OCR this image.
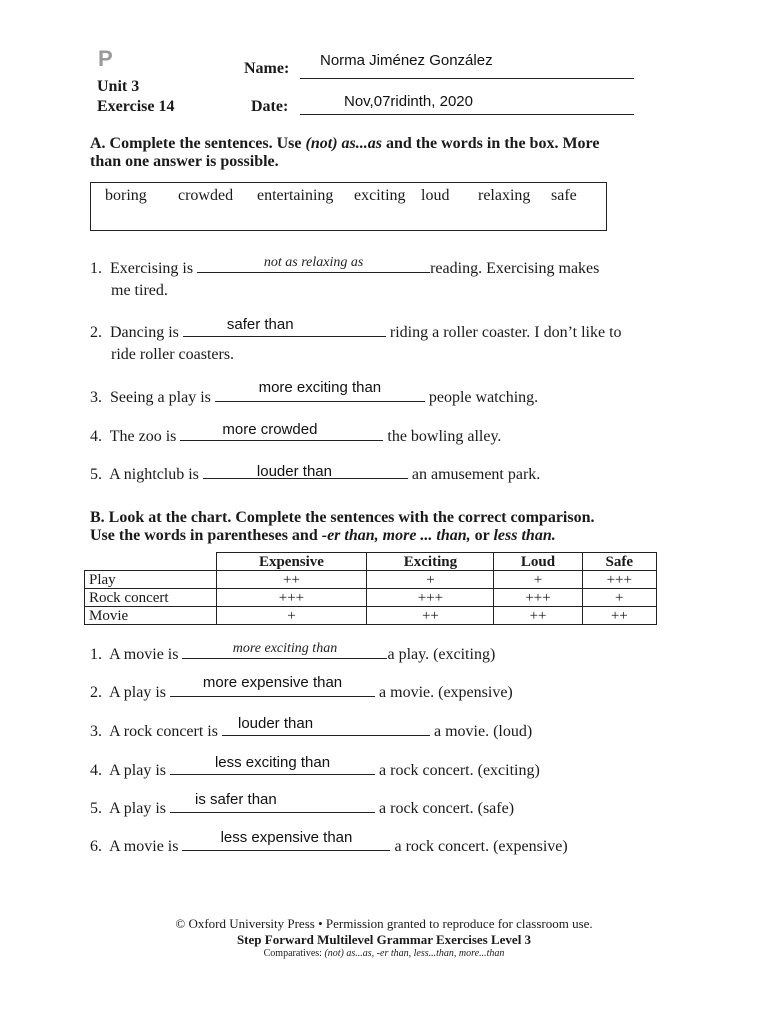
P
Unit 3
Exercise 14
Name: Norma Jiménez González
Date:	Nov,07ridinth, 2020
A. Complete the sentences. Use (not) as...as and the words in the box. More
than one answer is possible.
boring crowded entertaining exciting loud relaxing safe
1. Exercising is	not as relaxing as	reading. Exercising makes
me tired.
2. Dancing is	safer than	riding a roller coaster. I don’t like to
ride roller coasters.
3. Seeing a play is
more exciting than
people watching.
4. The zoo is	more crowded	the bowling alley.
5. A nightclub is	louder than	an amusement park.
B. Look at the chart. Complete the sentences with the correct comparison.
Use the words in parentheses and -er than, more ... than, or less than.
	Expensive	Exciting	Loud	Safe
Play	++	+	+	+++
Rock concert	+++	+++	+++	+
Movie	+	++	++	++
1. A movie is	more exciting than	a play. (exciting)
2. A play is
more expensive than
a movie. (expensive)
3. A rock concert is	louder than	a movie. (loud)
4. A play is	less exciting than	a rock concert. (exciting)
5. A play is
is safer than
a rock concert. (safe)
6. A movie is
less expensive than
a rock concert. (expensive)
© Oxford University Press • Permission granted to reproduce for classroom use.
Step Forward Multilevel Grammar Exercises Level 3
Comparatives: (not) as...as, -er than, less...than, more...than
